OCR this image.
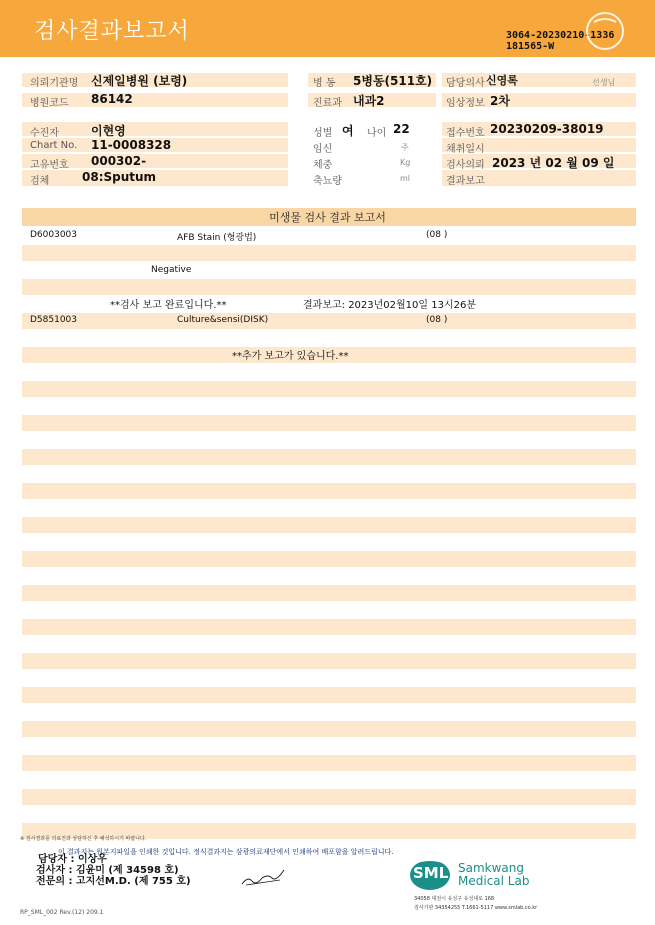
검사결과보고서	3064-20230210-1336
181565-W
의뢰기관명 신제일병원 (보령)	병 동 5병동(511호) 담당의사 신영록	선생님
병원코드 86142	진료과 내과2	임상정보 2차
수진자	이현영	성별 여 나이 22	접수번호 20230209-38019
Chart No. 11-0008328	임신	주	채취일시
고유번호 000302-	체중	Kg	검사의뢰 2023 년 02 월 09 일
검체	08:Sputum	축뇨량	ml	결과보고
미생물 검사 결과 보고서
D6003003	AFB Stain (형광법)	(08 )
Negative
**검사 보고 완료입니다.**	결과보고: 2023년02월10일 13시26분
D5851003	Culture&sensi(DISK)	(08 )
**추가 보고가 있습니다.**
※ 검사결과를 의료진과 상담하신 후 해석하시기 바랍니다.
이 결과지는 원본지파일을 인쇄한 것입니다. 정식결과지는 삼광의료재단에서 인쇄하여 배포함을 알려드립니다.
담당자 : 이상우
검사자 : 김윤미 (제 34598 호)
전문의 : 고지선M.D. (제 755 호)	SML Samkwang
Medical Lab
34058 대전시 유성구 유성대로 168
검사기관 34354255 T.1661-5117 www.smlab.co.kr
RP_SML_002 Rev.(12) 209.1
